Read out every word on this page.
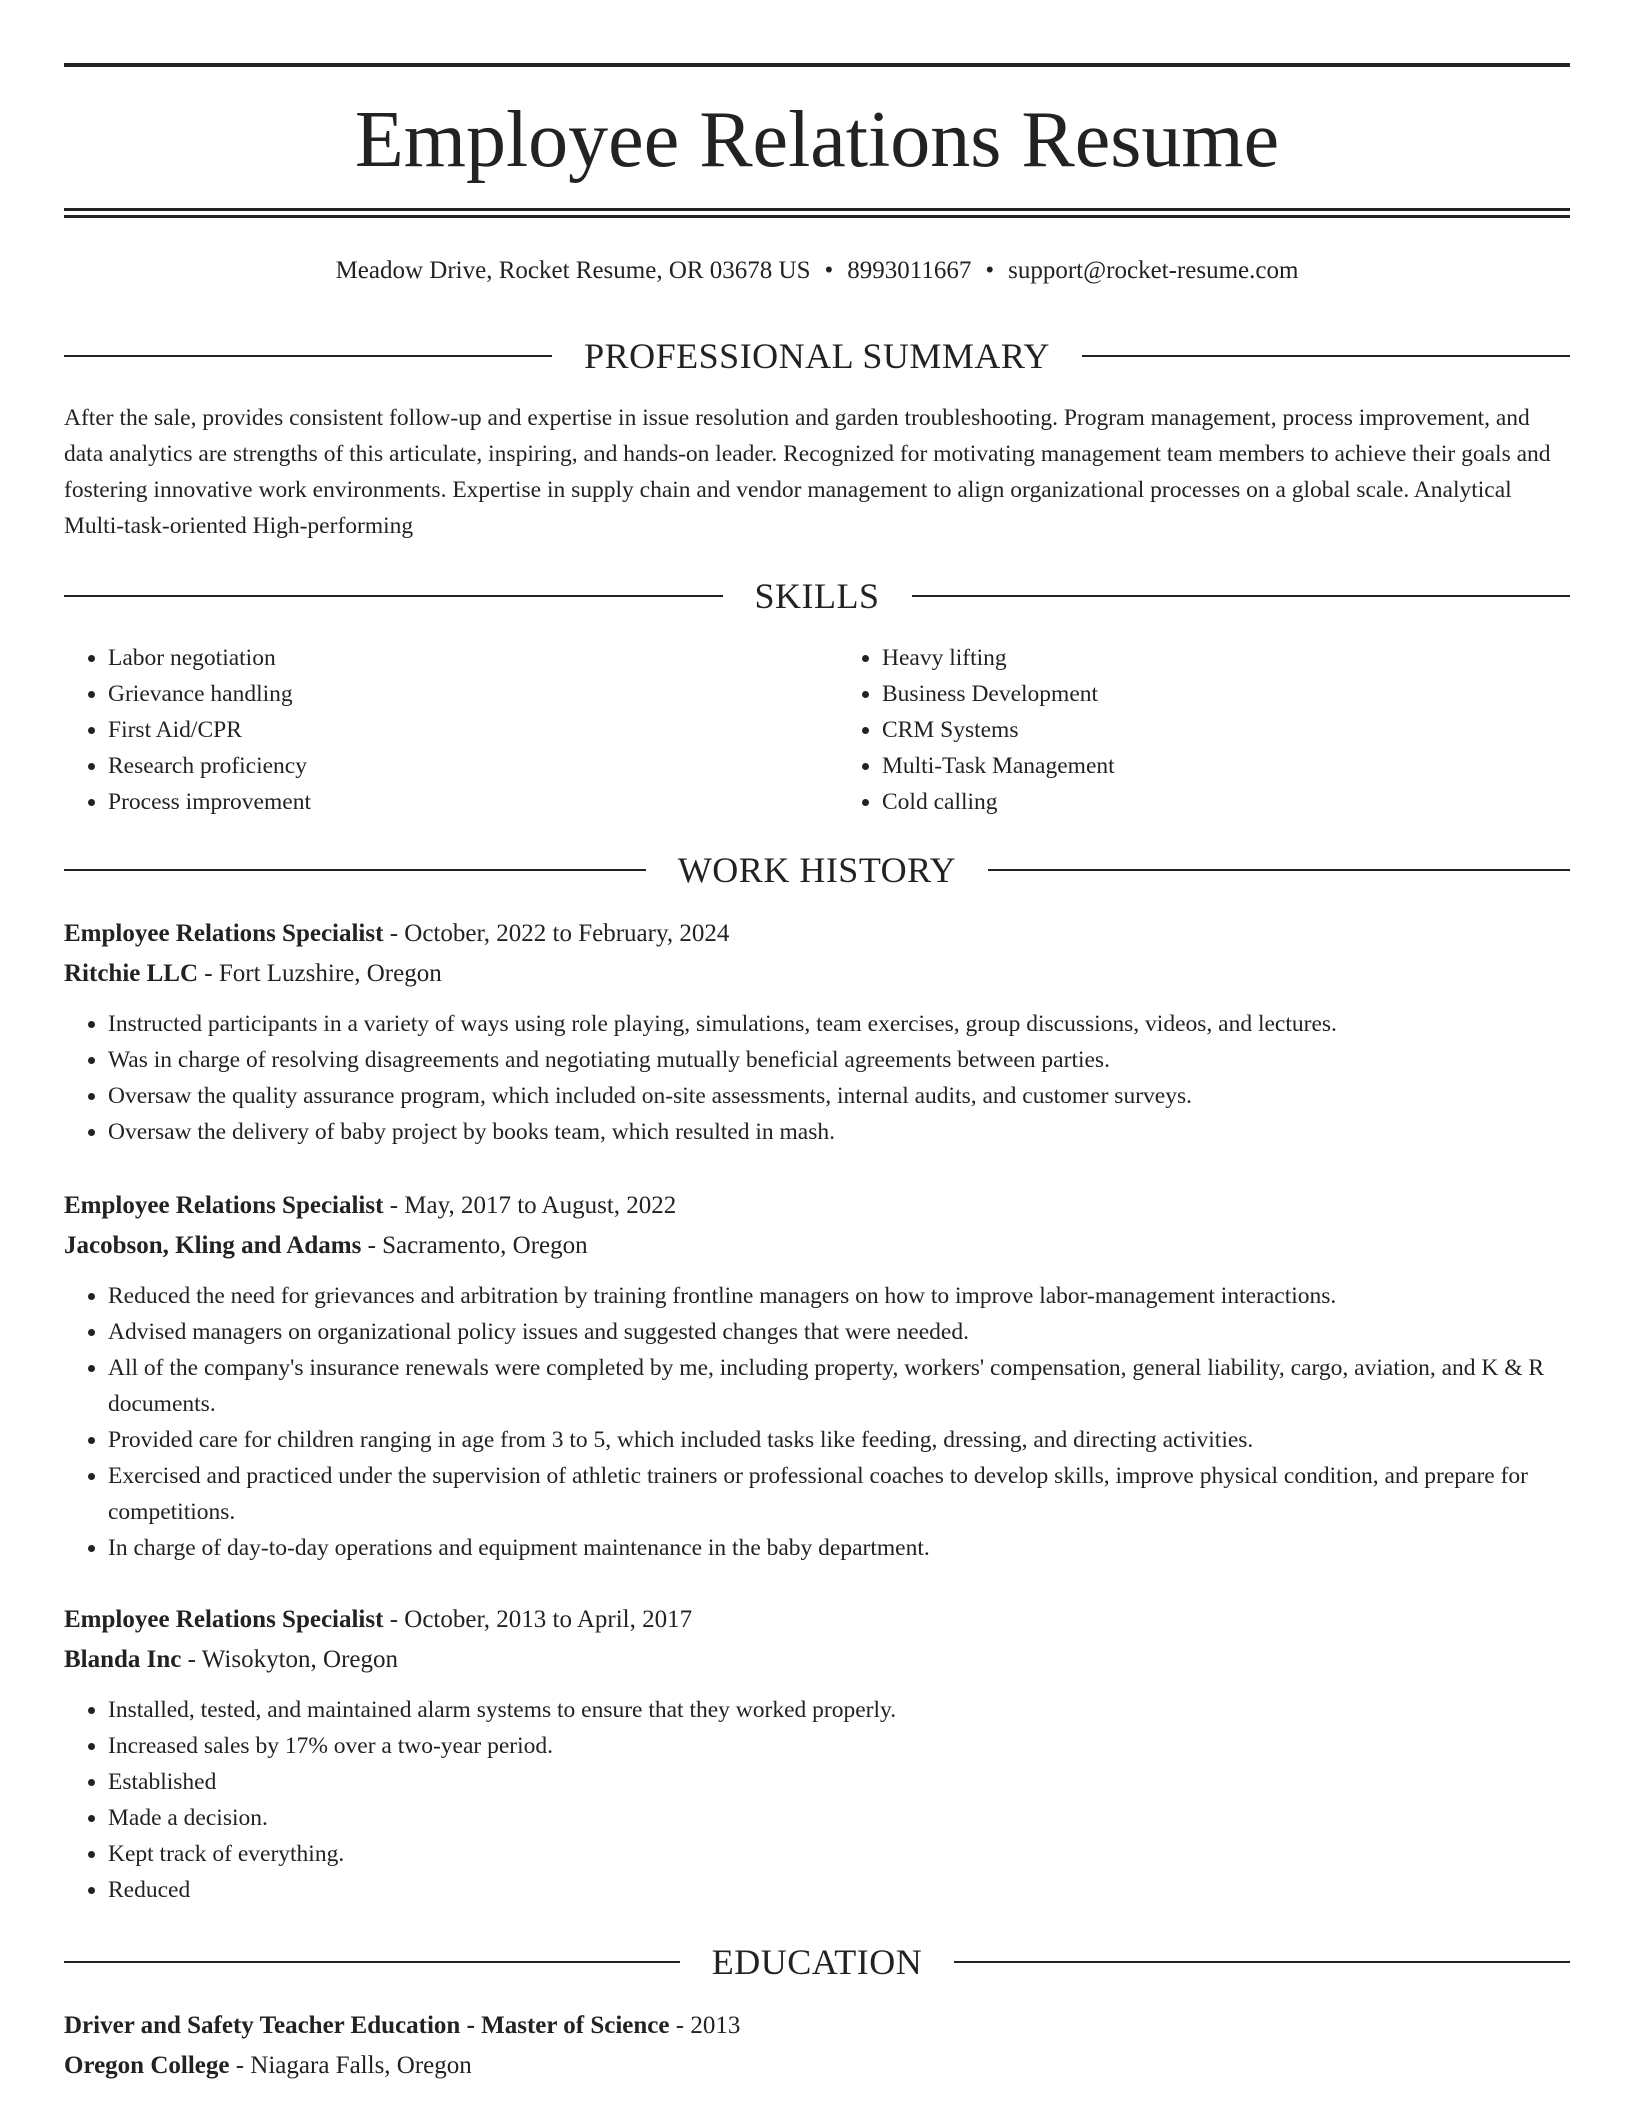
Employee Relations Resume
Meadow Drive, Rocket Resume, OR 03678 US • 8993011667 • support@rocket-resume.com
PROFESSIONAL SUMMARY

After the sale, provides consistent follow-up and expertise in issue resolution and garden troubleshooting. Program management, process improvement, and data analytics are strengths of this articulate, inspiring, and hands-on leader. Recognized for motivating management team members to achieve their goals and fostering innovative work environments. Expertise in supply chain and vendor management to align organizational processes on a global scale. Analytical Multi-task-oriented High-performing

SKILLS
• Labor negotiation
• Grievance handling
• First Aid/CPR
• Research proficiency
• Process improvement
• Heavy lifting
• Business Development
• CRM Systems
• Multi-Task Management
• Cold calling
WORK HISTORY
Employee Relations Specialist - October, 2022 to February, 2024
Ritchie LLC - Fort Luzshire, Oregon
• Instructed participants in a variety of ways using role playing, simulations, team exercises, group discussions, videos, and lectures.
• Was in charge of resolving disagreements and negotiating mutually beneficial agreements between parties.
• Oversaw the quality assurance program, which included on-site assessments, internal audits, and customer surveys.
• Oversaw the delivery of baby project by books team, which resulted in mash.
Employee Relations Specialist - May, 2017 to August, 2022
Jacobson, Kling and Adams - Sacramento, Oregon
• Reduced the need for grievances and arbitration by training frontline managers on how to improve labor-management interactions.
• Advised managers on organizational policy issues and suggested changes that were needed.
• All of the company's insurance renewals were completed by me, including property, workers' compensation, general liability, cargo, aviation, and K & R documents.
• Provided care for children ranging in age from 3 to 5, which included tasks like feeding, dressing, and directing activities.
• Exercised and practiced under the supervision of athletic trainers or professional coaches to develop skills, improve physical condition, and prepare for competitions.
• In charge of day-to-day operations and equipment maintenance in the baby department.
Employee Relations Specialist - October, 2013 to April, 2017
Blanda Inc - Wisokyton, Oregon
• Installed, tested, and maintained alarm systems to ensure that they worked properly.
• Increased sales by 17% over a two-year period.
• Established
• Made a decision.
• Kept track of everything.
• Reduced
EDUCATION
Driver and Safety Teacher Education - Master of Science - 2013
Oregon College - Niagara Falls, Oregon
